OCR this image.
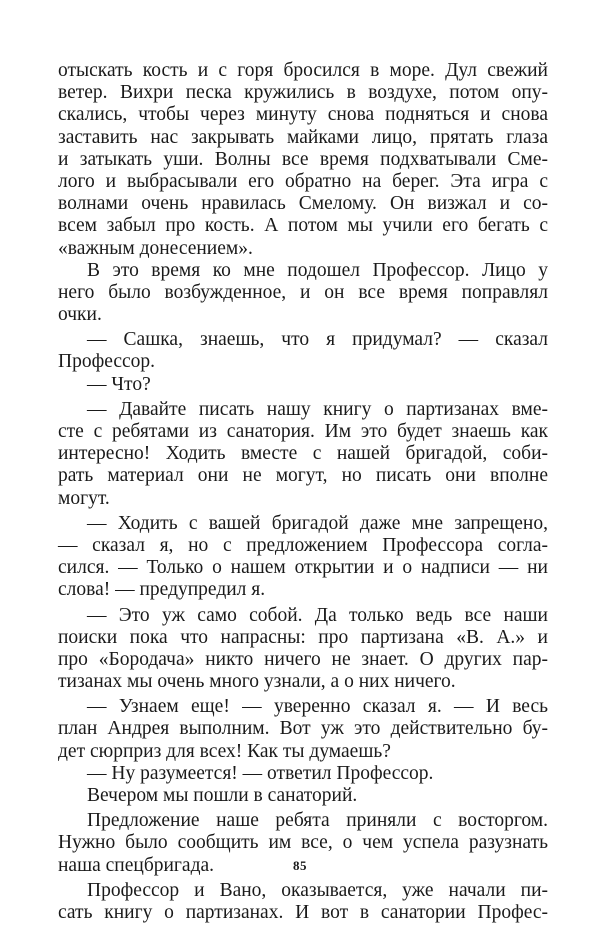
отыскать кость и с горя бросился в море. Дул свежий
ветер. Вихри песка кружились в воздухе, потом опу-
скались, чтобы через минуту снова подняться и снова
заставить нас закрывать майками лицо, прятать глаза
и затыкать уши. Волны все время подхватывали Сме-
лого и выбрасывали его обратно на берег. Эта игра с
волнами очень нравилась Смелому. Он визжал и со-
всем забыл про кость. А потом мы учили его бегать с
«важным донесением».
В это время ко мне подошел Профессор. Лицо у
него было возбужденное, и он все время поправлял
очки.
— Сашка, знаешь, что я придумал? — сказал
Профессор.
— Что?
— Давайте писать нашу книгу о партизанах вме-
сте с ребятами из санатория. Им это будет знаешь как
интересно! Ходить вместе с нашей бригадой, соби-
рать материал они не могут, но писать они вполне
могут.
— Ходить с вашей бригадой даже мне запрещено,
— сказал я, но с предложением Профессора согла-
сился. — Только о нашем открытии и о надписи — ни
слова! — предупредил я.
— Это уж само собой. Да только ведь все наши
поиски пока что напрасны: про партизана «В. А.» и
про «Бородача» никто ничего не знает. О других пар-
тизанах мы очень много узнали, а о них ничего.
— Узнаем еще! — уверенно сказал я. — И весь
план Андрея выполним. Вот уж это действительно бу-
дет сюрприз для всех! Как ты думаешь?
— Ну разумеется! — ответил Профессор.
Вечером мы пошли в санаторий.
Предложение наше ребята приняли с восторгом.
Нужно было сообщить им все, о чем успела разузнать
наша спецбригада.
Профессор и Вано, оказывается, уже начали пи-
сать книгу о партизанах. И вот в санатории Профес-
85
